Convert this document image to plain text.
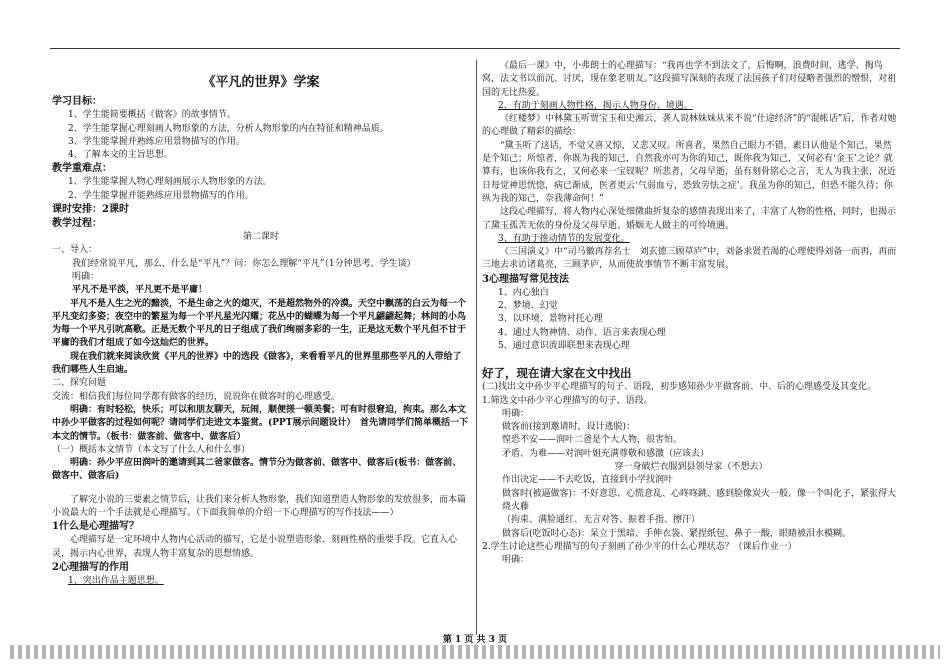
《平凡的世界》学案

学习目标：

1、学生能简要概括《做客》的故事情节。

2、学生能掌握心理刻画人物形象的方法，分析人物形象的内在特征和精神品质。

3、学生能掌握并熟练应用景物描写的作用。

4、了解本文的主旨思想。

教学重难点：

1、学生能掌握人物心理刻画展示人物形象的方法。

2、学生能掌握并能熟练应用景物描写的作用。

课时安排：2课时

教学过程：

第二课时

一、导入：

我们经常说平凡，那么，什么是“平凡”？问：你怎么理解“平凡”（1分钟思考，学生谈）

明确：

平凡不是平淡，平凡更不是平庸！

平凡不是人生之光的黯淡，不是生命之火的熄灭，不是超然物外的冷漠。天空中飘荡的白云为每一个平凡变幻多姿；夜空中的繁星为每一个平凡星光闪耀；花丛中的蝴蝶为每一个平凡翩翩起舞；林间的小鸟为每一个平凡引吭高歌。正是无数个平凡的日子组成了我们绚丽多彩的一生，正是这无数个平凡但不甘于平庸的我们才组成了如今这灿烂的世界。

现在我们就来阅读欣赏《平凡的世界》中的选段《做客》，来看看平凡的世界里那些平凡的人带给了我们哪些人生启迪。

二、探究问题

交流：相信我们每位同学都有做客的经历，说说你在做客时的心理感受。

明确：有时轻松，快乐；可以和朋友聊天，玩闹，顺便搓一顿美餐；可有时很窘迫，拘束。那么本文中孙少平做客的过程如何呢？请同学们走进文本鉴赏。(PPT展示问题设计）　首先请同学们简单概括一下本文的情节。（板书：做客前、做客中、做客后）

（一）概括本文情节（本文写了什么人和什么事）

明确：孙少平应田润叶的邀请到其二爸家做客。情节分为做客前、做客中、做客后(板书：做客前、做客中、做客后)

了解完小说的三要素之情节后，让我们来分析人物形象，我们知道塑造人物形象的发放很多，而本篇小说最大的一个手法就是心理描写。（下面我简单的介绍一下心理描写的写作技法——）

1什么是心理描写？

心理描写是一定环境中人物内心活动的描写，它是小说塑造形象、刻画性格的重要手段。它直入心灵，揭示内心世界，表现人物丰富复杂的思想情感。

2心理描写的作用

1、突出作品主题思想。

《最后一课》中，小弗朗士的心理描写：“我再也学不到法文了，后悔啊，浪费时间、逃学、掏鸟窝，法文书以前沉、讨厌，现在象老朋友。”这段描写深刻的表现了法国孩子们对侵略者强烈的憎恨，对祖国的无比热爱。

2、有助于刻画人物性格，揭示人物身份、境遇。

《红楼梦》中林黛玉听贾宝玉和史湘云、袭人说林妹妹从来不说“仕途经济”的“混帐话”后，作者对她的心理做了精彩的描绘：

“黛玉听了这话，不觉又喜又惊，又悲又叹。所喜者，果然自己眼力不错，素日认他是个知己，果然是个知己；所惊者，你既为我的知己，自然我亦可为你的知己，既你我为知己，又何必有‘金玉’之论？就算有，也该你我有之，又何必来一宝钗呢？所悲者，父母早逝，虽有刻骨铭心之言，无人为我主张，况近日每觉神思恍惚，病已渐成，医者更云‘气弱血亏，恐致劳怯之症’。我虽为你的知己，但恐不能久待；你纵为我的知己，奈我薄命何！”

这段心理描写，将人物内心深处细微曲折复杂的感情表现出来了，丰富了人物的性格，同时，也揭示了黛玉孤苦无依的身份及父母早逝、婚姻无人做主的可怜境遇。

3、有助于推动情节的发展变化。

《三国演义》中“司马徽再荐名士　刘玄德三顾草庐”中，刘备求贤若渴的心理使得刘备一而再，再而三地去求访诸葛亮，三顾茅庐，从而使故事情节不断丰富发展。

3心理描写常见技法

1、内心独白

2、梦境、幻觉

3、以环境、景物衬托心理

4、通过人物神情、动作、语言来表现心理

5、通过意识流即联想来表现心理

好了，现在请大家在文中找出

(二)找出文中孙少平心理描写的句子、语段，初步感知孙少平做客前、中、后的心理感受及其变化。

1.筛选文中孙少平心理描写的句子、语段。

明确：

做客前(接到邀请时，设计逃脱)：

惶恐不安——润叶二爸是个大人物，很害怕。

矛盾、为难——对润叶姐充满尊敬和感激（应该去）

穿一身破烂衣服到县领导家（不想去）

作出决定——不去吃饭，直接到小学找润叶

做客时(被逼做客)：不好意思、心慌意乱、心咚咚跳、感到脸像炭火一般、像一个叫化子，紧张得大烧火藤

（拘束、满脸通红、无言对答、振着手指、擦汗）

做客后(吃饭时心态)：呆立于黑暗、手伸衣袋、紧捏纸包、鼻子一酸，眼睛被泪水模糊。

2.学生讨论这些心理描写的句子刻画了孙少平的什么心理状态？（课后作业一）

明确：

第 1 页 共 3 页
